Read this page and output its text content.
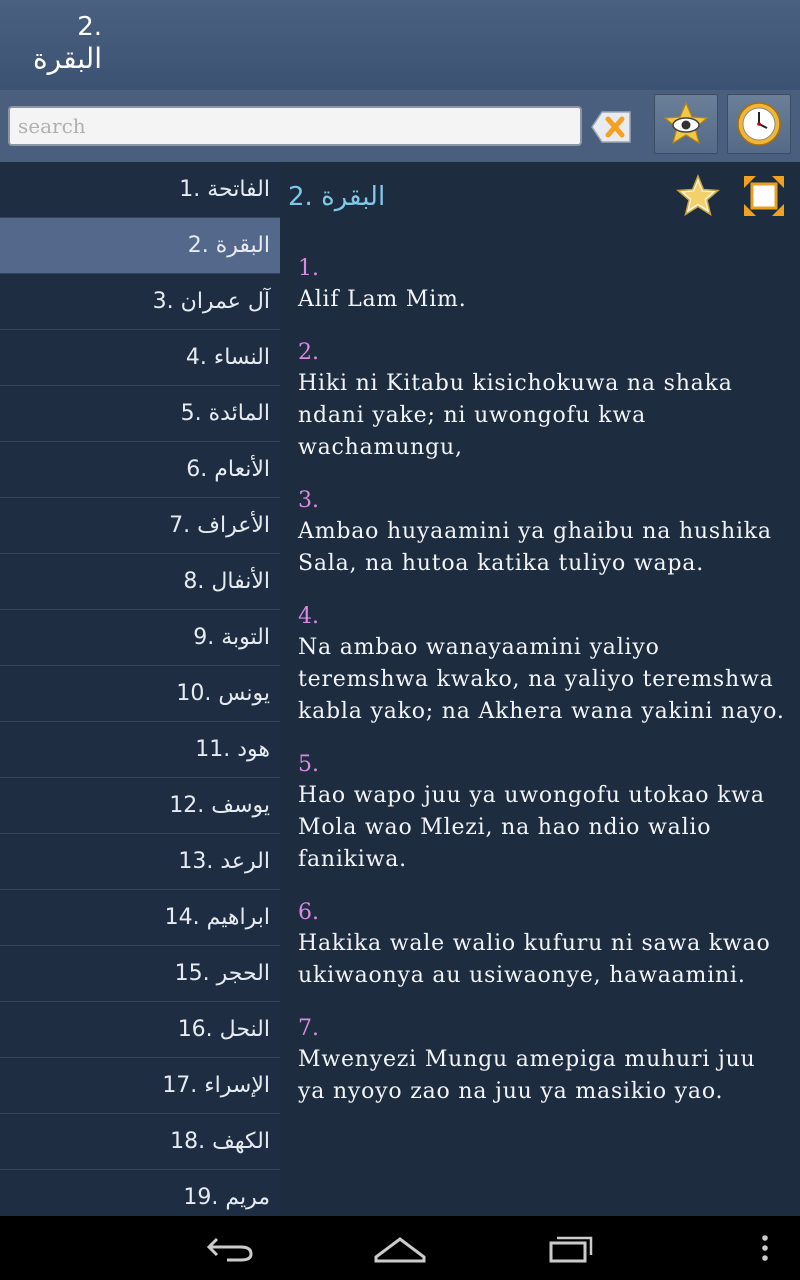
2.
البقرة
search
1. الفاتحة
2. البقرة
3. آل عمران
4. النساء
5. المائدة
6. الأنعام
7. الأعراف
8. الأنفال
9. التوبة
10. يونس
11. هود
12. يوسف
13. الرعد
14. ابراهيم
15. الحجر
16. النحل
17. الإسراء
18. الكهف
19. مريم
2. البقرة
1.
Alif Lam Mim.
2.
Hiki ni Kitabu kisichokuwa na shaka ndani yake; ni uwongofu kwa wachamungu,
3.
Ambao huyaamini ya ghaibu na hushika Sala, na hutoa katika tuliyo wapa.
4.
Na ambao wanayaamini yaliyo teremshwa kwako, na yaliyo teremshwa kabla yako; na Akhera wana yakini nayo.
5.
Hao wapo juu ya uwongofu utokao kwa Mola wao Mlezi, na hao ndio walio fanikiwa.
6.
Hakika wale walio kufuru ni sawa kwao ukiwaonya au usiwaonye, hawaamini.
7.
Mwenyezi Mungu amepiga muhuri juu ya nyoyo zao na juu ya masikio yao.
